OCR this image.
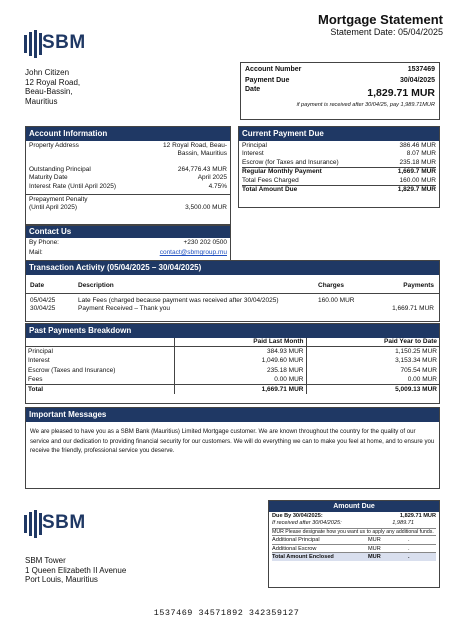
Mortgage Statement
Statement Date: 05/04/2025
SBM
John Citizen
12 Royal Road,
Beau-Bassin,
Mauritius
Account Number	1537469
Payment Due	30/04/2025
Date	1,829.71 MUR
if payment is received after 30/04/25, pay 1,989.71MUR
Account Information
Property Address	12 Royal Road, Beau-
Bassin, Mauritius
Outstanding Principal	264,776.43 MUR
Maturity Date	April 2025
Interest Rate (Until April 2025)	4.75%
Prepayment Penalty
(Until April 2025)	3,500.00 MUR
Contact Us
By Phone:	+230 202 0500
Mail:	contact@sbmgroup.mu
Current Payment Due
Principal	386.46 MUR
Interest	8.07 MUR
Escrow (for Taxes and Insurance)	235.18 MUR
Regular Monthly Payment	1,669.7 MUR
Total Fees Charged	160.00 MUR
Total Amount Due	1,829.7 MUR
Transaction Activity (05/04/2025 – 30/04/2025)
Date	Description	Charges	Payments

05/04/25	Late Fees (charged because payment was received after 30/04/2025)	160.00 MUR	
30/04/25	Payment Received – Thank you		1,669.71 MUR
Past Payments Breakdown
	Paid Last Month	Paid Year to Date
Principal	384.93 MUR	1,150.25 MUR
Interest	1,049.60 MUR	3,153.34 MUR
Escrow (Taxes and Insurance)	235.18 MUR	705.54 MUR
Fees	0.00 MUR	0.00 MUR
Total	1,669.71 MUR	5,009.13 MUR
Important Messages
We are pleased to have you as a SBM Bank (Mauritius) Limited Mortgage customer. We are known throughout the country for the quality of our service and our dedication to providing financial security for our customers. We will do everything we can to make you feel at home, and to ensure you receive the friendly, professional service you deserve.
SBM
SBM Tower
1 Queen Elizabeth II Avenue
Port Louis, Mauritius
Amount Due
Due By 30/04/2025:	1,829.71 MUR
If received after 30/04/2025:	1,989.71
MUR Please designate how you want us to apply any additional funds.
Additional Principal	MUR	.
Additional Escrow	MUR	.
Total Amount Enclosed	MUR	.
1537469 34571892 342359127
